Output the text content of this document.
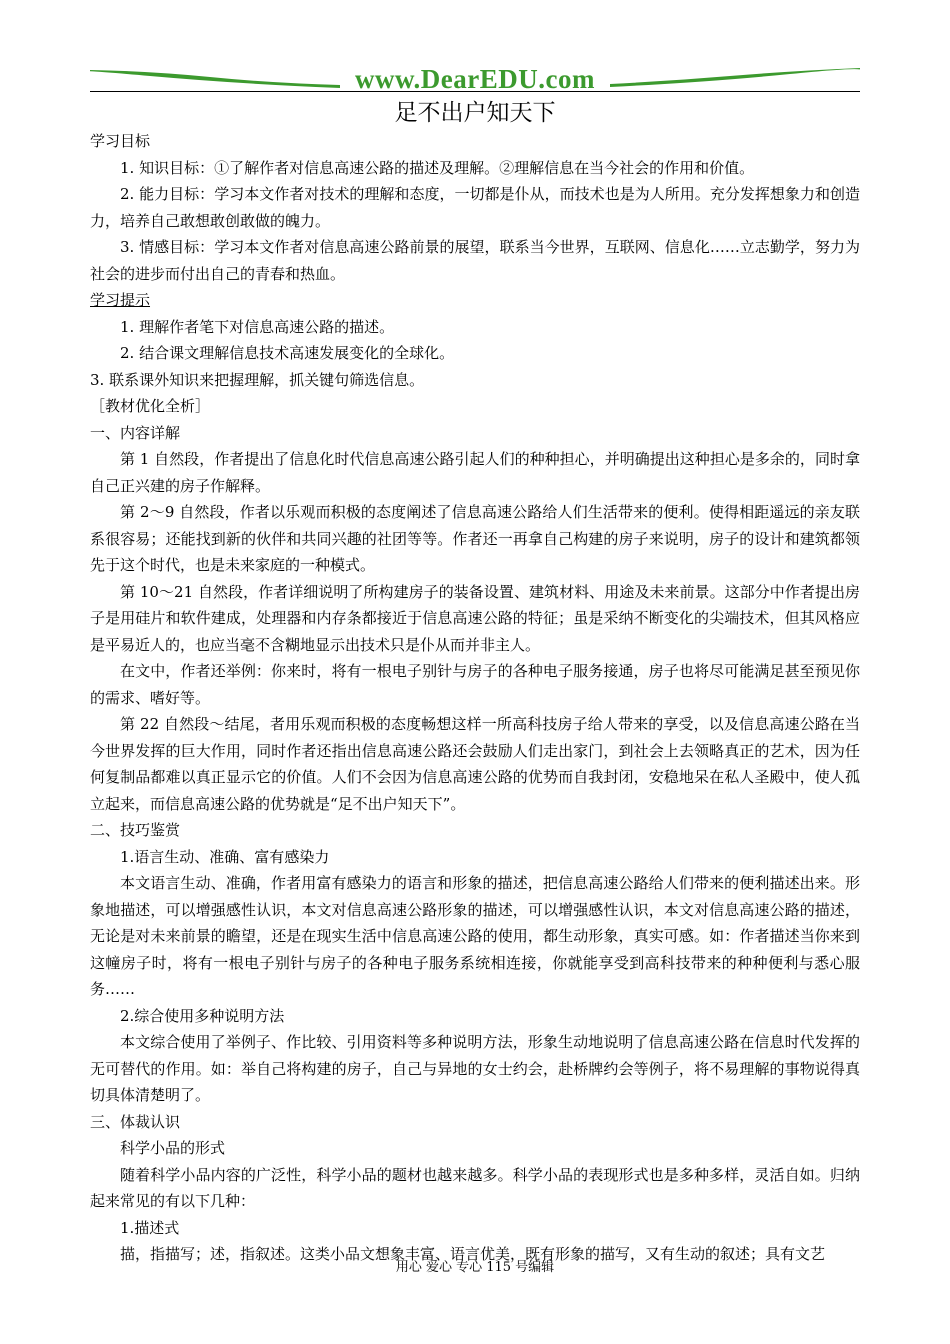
www.DearEDU.com
足不出户知天下

学习目标

1. 知识目标：①了解作者对信息高速公路的描述及理解。②理解信息在当今社会的作用和价值。

2. 能力目标：学习本文作者对技术的理解和态度，一切都是仆从，而技术也是为人所用。充分发挥想象力和创造力，培养自己敢想敢创敢做的魄力。

3. 情感目标：学习本文作者对信息高速公路前景的展望，联系当今世界，互联网、信息化……立志勤学，努力为社会的进步而付出自己的青春和热血。

学习提示

1. 理解作者笔下对信息高速公路的描述。

2. 结合课文理解信息技术高速发展变化的全球化。

3. 联系课外知识来把握理解，抓关键句筛选信息。

［教材优化全析］

一、内容详解

第 1 自然段，作者提出了信息化时代信息高速公路引起人们的种种担心，并明确提出这种担心是多余的，同时拿自己正兴建的房子作解释。

第 2～9 自然段，作者以乐观而积极的态度阐述了信息高速公路给人们生活带来的便利。使得相距遥远的亲友联系很容易；还能找到新的伙伴和共同兴趣的社团等等。作者还一再拿自己构建的房子来说明，房子的设计和建筑都领先于这个时代，也是未来家庭的一种模式。

第 10～21 自然段，作者详细说明了所构建房子的装备设置、建筑材料、用途及未来前景。这部分中作者提出房子是用硅片和软件建成，处理器和内存条都接近于信息高速公路的特征；虽是采纳不断变化的尖端技术，但其风格应是平易近人的，也应当毫不含糊地显示出技术只是仆从而并非主人。

在文中，作者还举例：你来时，将有一根电子别针与房子的各种电子服务接通，房子也将尽可能满足甚至预见你的需求、嗜好等。

第 22 自然段～结尾，者用乐观而积极的态度畅想这样一所高科技房子给人带来的享受，以及信息高速公路在当今世界发挥的巨大作用，同时作者还指出信息高速公路还会鼓励人们走出家门，到社会上去领略真正的艺术，因为任何复制品都难以真正显示它的价值。人们不会因为信息高速公路的优势而自我封闭，安稳地呆在私人圣殿中，使人孤立起来，而信息高速公路的优势就是“足不出户知天下”。

二、技巧鉴赏

1.语言生动、准确、富有感染力

本文语言生动、准确，作者用富有感染力的语言和形象的描述，把信息高速公路给人们带来的便利描述出来。形象地描述，可以增强感性认识，本文对信息高速公路形象的描述，可以增强感性认识，本文对信息高速公路的描述，无论是对未来前景的瞻望，还是在现实生活中信息高速公路的使用，都生动形象，真实可感。如：作者描述当你来到这幢房子时，将有一根电子别针与房子的各种电子服务系统相连接，你就能享受到高科技带来的种种便利与悉心服务……

2.综合使用多种说明方法

本文综合使用了举例子、作比较、引用资料等多种说明方法，形象生动地说明了信息高速公路在信息时代发挥的无可替代的作用。如：举自己将构建的房子，自己与异地的女士约会，赴桥牌约会等例子，将不易理解的事物说得真切具体清楚明了。

三、体裁认识

科学小品的形式

随着科学小品内容的广泛性，科学小品的题材也越来越多。科学小品的表现形式也是多种多样，灵活自如。归纳起来常见的有以下几种：

1.描述式

描，指描写；述，指叙述。这类小品文想象丰富、语言优美，既有形象的描写，又有生动的叙述；具有文艺

用心 爱心 专心 115 号编辑
